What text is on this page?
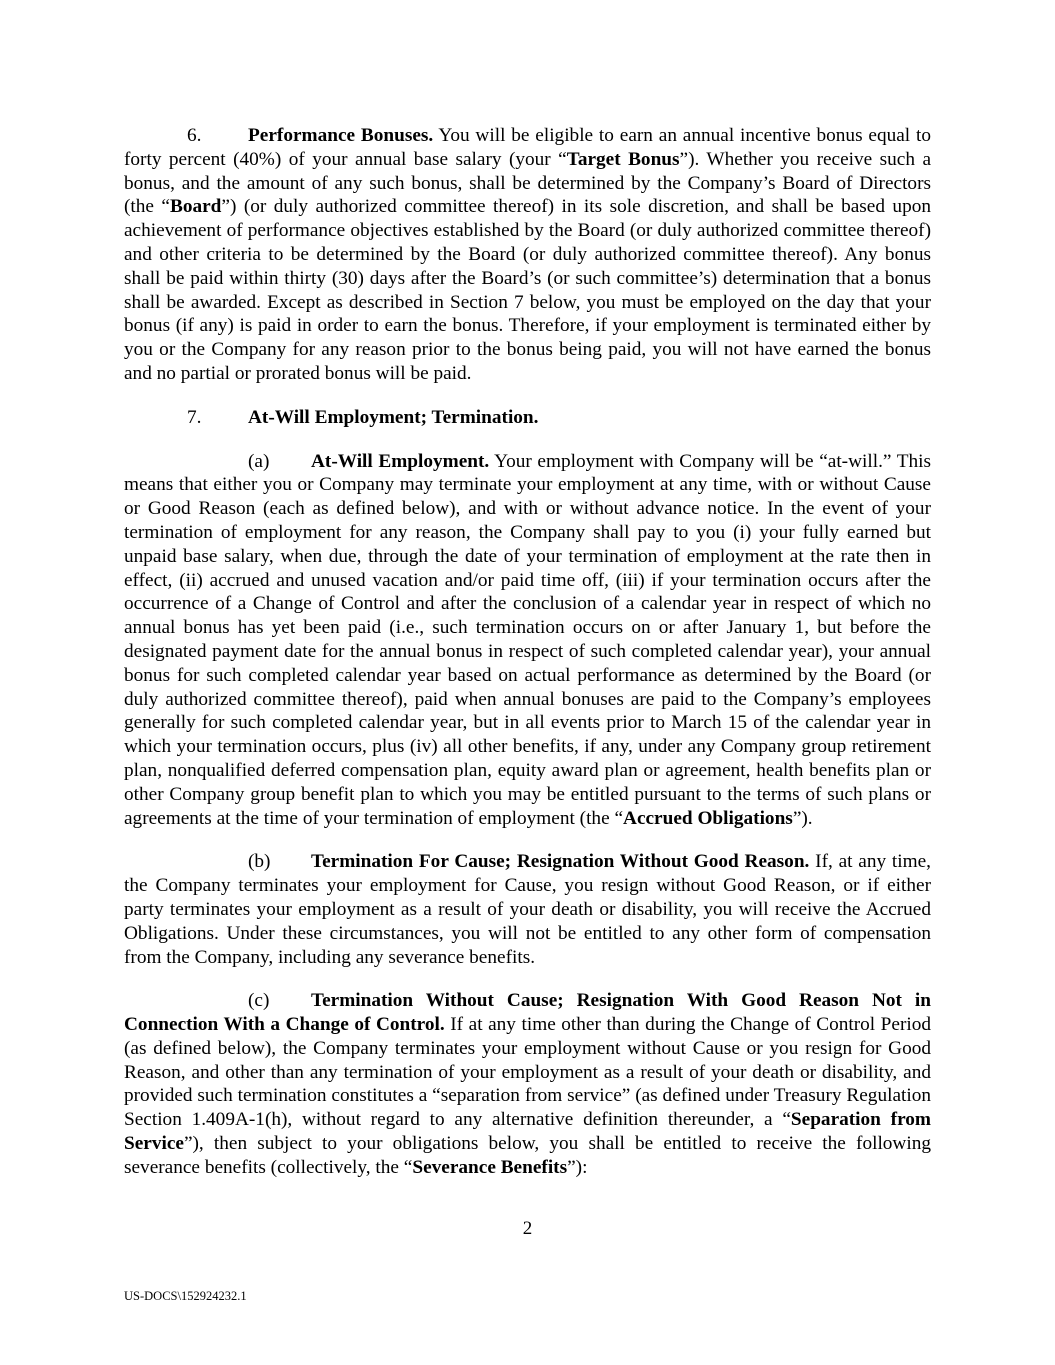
6. Performance Bonuses. You will be eligible to earn an annual incentive bonus equal to forty percent (40%) of your annual base salary (your “Target Bonus”). Whether you receive such a bonus, and the amount of any such bonus, shall be determined by the Company’s Board of Directors (the “Board”) (or duly authorized committee thereof) in its sole discretion, and shall be based upon achievement of performance objectives established by the Board (or duly authorized committee thereof) and other criteria to be determined by the Board (or duly authorized committee thereof). Any bonus shall be paid within thirty (30) days after the Board’s (or such committee’s) determination that a bonus shall be awarded. Except as described in Section 7 below, you must be employed on the day that your bonus (if any) is paid in order to earn the bonus. Therefore, if your employment is terminated either by you or the Company for any reason prior to the bonus being paid, you will not have earned the bonus and no partial or prorated bonus will be paid.

7. At-Will Employment; Termination.

(a) At-Will Employment. Your employment with Company will be “at-will.” This means that either you or Company may terminate your employment at any time, with or without Cause or Good Reason (each as defined below), and with or without advance notice. In the event of your termination of employment for any reason, the Company shall pay to you (i) your fully earned but unpaid base salary, when due, through the date of your termination of employment at the rate then in effect, (ii) accrued and unused vacation and/or paid time off, (iii) if your termination occurs after the occurrence of a Change of Control and after the conclusion of a calendar year in respect of which no annual bonus has yet been paid (i.e., such termination occurs on or after January 1, but before the designated payment date for the annual bonus in respect of such completed calendar year), your annual bonus for such completed calendar year based on actual performance as determined by the Board (or duly authorized committee thereof), paid when annual bonuses are paid to the Company’s employees generally for such completed calendar year, but in all events prior to March 15 of the calendar year in which your termination occurs, plus (iv) all other benefits, if any, under any Company group retirement plan, nonqualified deferred compensation plan, equity award plan or agreement, health benefits plan or other Company group benefit plan to which you may be entitled pursuant to the terms of such plans or agreements at the time of your termination of employment (the “Accrued Obligations”).

(b) Termination For Cause; Resignation Without Good Reason. If, at any time, the Company terminates your employment for Cause, you resign without Good Reason, or if either party terminates your employment as a result of your death or disability, you will receive the Accrued Obligations. Under these circumstances, you will not be entitled to any other form of compensation from the Company, including any severance benefits.

(c) Termination Without Cause; Resignation With Good Reason Not in Connection With a Change of Control. If at any time other than during the Change of Control Period (as defined below), the Company terminates your employment without Cause or you resign for Good Reason, and other than any termination of your employment as a result of your death or disability, and provided such termination constitutes a “separation from service” (as defined under Treasury Regulation Section 1.409A-1(h), without regard to any alternative definition thereunder, a “Separation from Service”), then subject to your obligations below, you shall be entitled to receive the following severance benefits (collectively, the “Severance Benefits”):

2
US-DOCS\152924232.1
